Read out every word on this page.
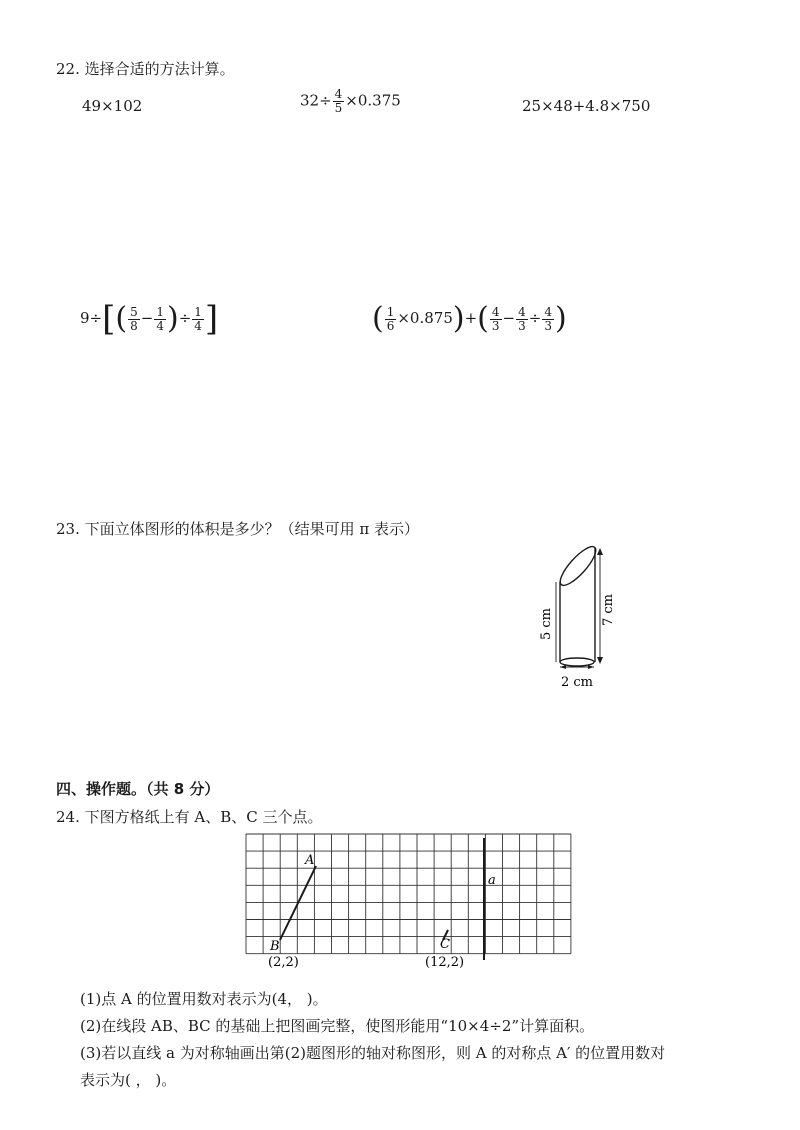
22. 选择合适的方法计算。
49×102	$32\div \frac{4}{5} \times 0.375$	25×48+4.8×750
$9\div[( \frac{5}{8} - \frac{1}{4}$ )÷ $\frac{1}{4}$ ]	( $\frac{1}{6} \times 0.875)+( \frac{4}{3} - \frac{4}{3} \div \frac{4}{3}$ )
23. 下面立体图形的体积是多少？（结果可用 π 表示）
5 cm	7 cm
2 cm
四、操作题。（共 8 分）
24. 下图方格纸上有 A、B、C 三个点。
A
B	C
a
(2,2)	(12,2)
(1)点 A 的位置用数对表示为(4， )。
(2)在线段 AB、BC 的基础上把图画完整，使图形能用“10×4÷2”计算面积。
(3)若以直线 a 为对称轴画出第(2)题图形的轴对称图形，则 A 的对称点 A′ 的位置用数对
表示为( ， )。
